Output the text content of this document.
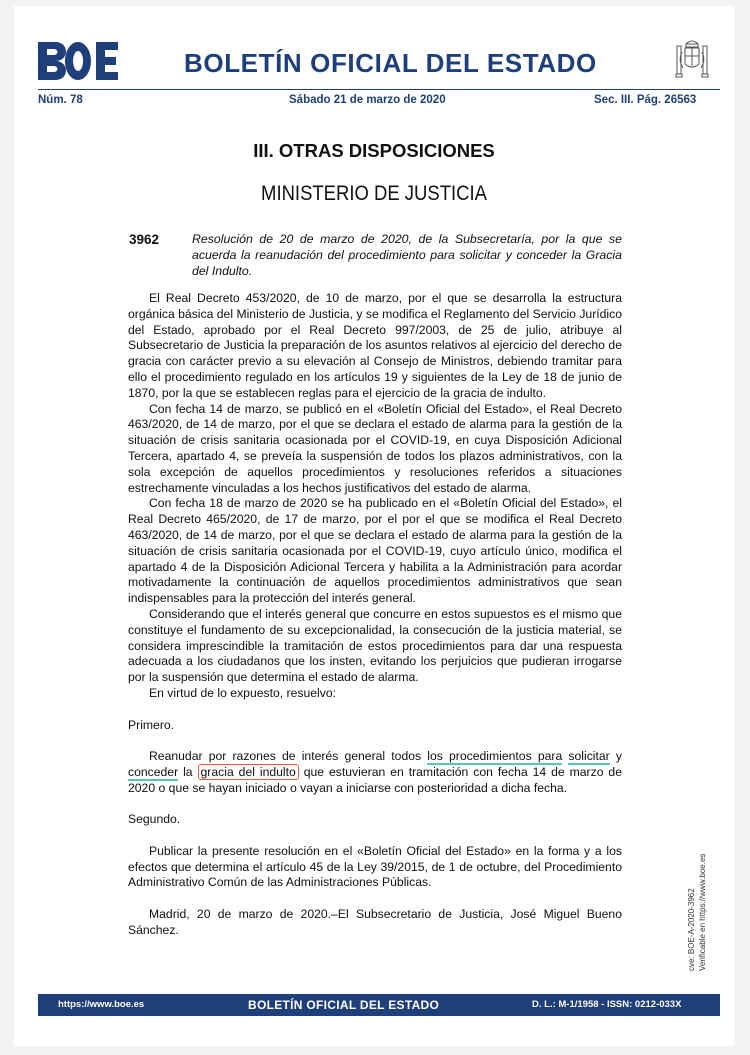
BOLETÍN OFICIAL DEL ESTADO
Núm. 78	Sábado 21 de marzo de 2020	Sec. III. Pág. 26563
III. OTRAS DISPOSICIONES
MINISTERIO DE JUSTICIA
3962	Resolución de 20 de marzo de 2020, de la Subsecretaría, por la que se acuerda la reanudación del procedimiento para solicitar y conceder la Gracia del Indulto.

El Real Decreto 453/2020, de 10 de marzo, por el que se desarrolla la estructura orgánica básica del Ministerio de Justicia, y se modifica el Reglamento del Servicio Jurídico del Estado, aprobado por el Real Decreto 997/2003, de 25 de julio, atribuye al Subsecretario de Justicia la preparación de los asuntos relativos al ejercicio del derecho de gracia con carácter previo a su elevación al Consejo de Ministros, debiendo tramitar para ello el procedimiento regulado en los artículos 19 y siguientes de la Ley de 18 de junio de 1870, por la que se establecen reglas para el ejercicio de la gracia de indulto.

Con fecha 14 de marzo, se publicó en el «Boletín Oficial del Estado», el Real Decreto 463/2020, de 14 de marzo, por el que se declara el estado de alarma para la gestión de la situación de crisis sanitaria ocasionada por el COVID-19, en cuya Disposición Adicional Tercera, apartado 4, se preveía la suspensión de todos los plazos administrativos, con la sola excepción de aquellos procedimientos y resoluciones referidos a situaciones estrechamente vinculadas a los hechos justificativos del estado de alarma.

Con fecha 18 de marzo de 2020 se ha publicado en el «Boletín Oficial del Estado», el Real Decreto 465/2020, de 17 de marzo, por el por el que se modifica el Real Decreto 463/2020, de 14 de marzo, por el que se declara el estado de alarma para la gestión de la situación de crisis sanitaria ocasionada por el COVID-19, cuyo artículo único, modifica el apartado 4 de la Disposición Adicional Tercera y habilita a la Administración para acordar motivadamente la continuación de aquellos procedimientos administrativos que sean indispensables para la protección del interés general.

Considerando que el interés general que concurre en estos supuestos es el mismo que constituye el fundamento de su excepcionalidad, la consecución de la justicia material, se considera imprescindible la tramitación de estos procedimientos para dar una respuesta adecuada a los ciudadanos que los insten, evitando los perjuicios que pudieran irrogarse por la suspensión que determina el estado de alarma.

En virtud de lo expuesto, resuelvo:

Primero.

Reanudar por razones de interés general todos los procedimientos para solicitar y conceder la gracia del indulto que estuvieran en tramitación con fecha 14 de marzo de 2020 o que se hayan iniciado o vayan a iniciarse con posterioridad a dicha fecha.

Segundo.

Publicar la presente resolución en el «Boletín Oficial del Estado» en la forma y a los efectos que determina el artículo 45 de la Ley 39/2015, de 1 de octubre, del Procedimiento Administrativo Común de las Administraciones Públicas.

Madrid, 20 de marzo de 2020.–El Subsecretario de Justicia, José Miguel Bueno Sánchez.	cve: BOE-A-2020-3962 Verificable en https://www.boe.es
https://www.boe.es	BOLETÍN OFICIAL DEL ESTADO	D. L.: M-1/1958 - ISSN: 0212-033X
